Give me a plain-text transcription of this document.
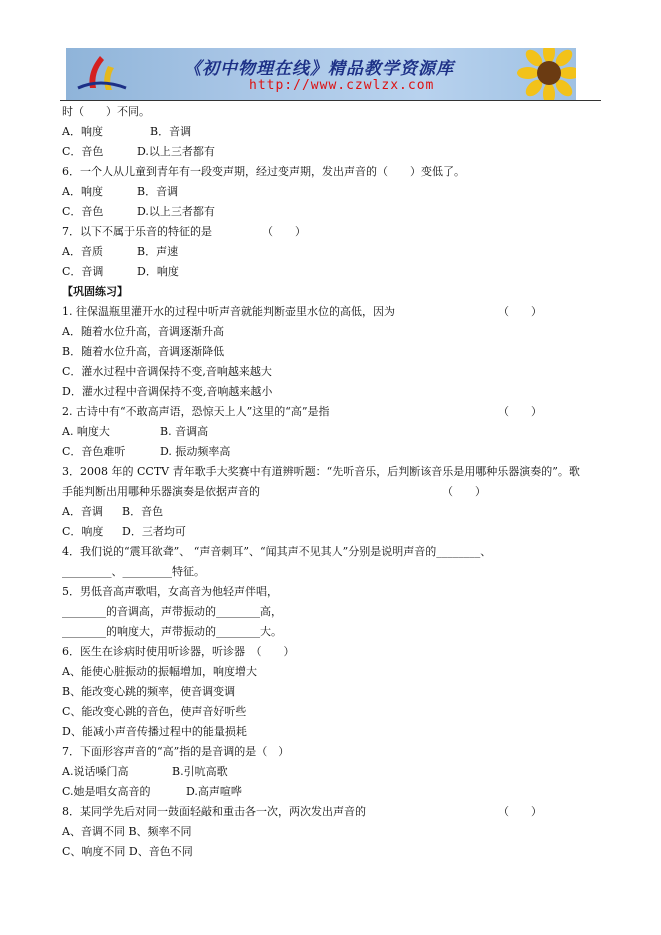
《初中物理在线》精品教学资源库
http://www.czwlzx.com
时（　　）不同。
A．响度	B．音调
C．音色	D.以上三者都有
6．一个人从儿童到青年有一段变声期，经过变声期，发出声音的（　　）变低了。
A．响度	B．音调
C．音色	D.以上三者都有
7．以下不属于乐音的特征的是	（　　）
A．音质	B．声速
C．音调	D．响度
【巩固练习】
1. 往保温瓶里灌开水的过程中听声音就能判断壶里水位的高低，因为	（　　）
A．随着水位升高，音调逐渐升高
B．随着水位升高，音调逐渐降低
C．灌水过程中音调保持不变,音响越来越大
D．灌水过程中音调保持不变,音响越来越小
2. 古诗中有“不敢高声语，恐惊天上人”这里的“高”是指	（　　）
A. 响度大	B. 音调高
C．音色难听	D. 振动频率高
3．2008 年的 CCTV 青年歌手大奖赛中有道辨听题：“先听音乐，后判断该音乐是用哪种乐器演奏的”。歌
手能判断出用哪种乐器演奏是依据声音的	（　　）
A．音调 B．音色
C．响度 D．三者均可
4．我们说的“震耳欲聋”、 “声音刺耳”、“闻其声不见其人”分别是说明声音的________、
_________、_________特征。
5．男低音高声歌唱，女高音为他轻声伴唱，
________的音调高，声带振动的________高，
________的响度大，声带振动的________大。
6．医生在诊病时使用听诊器，听诊器　（　　）
A、能使心脏振动的振幅增加，响度增大
B、能改变心跳的频率，使音调变调
C、能改变心跳的音色，使声音好听些
D、能减小声音传播过程中的能量损耗
7．下面形容声音的“高”指的是音调的是（　）
A.说话嗓门高	B.引吭高歌
C.她是唱女高音的	D.高声喧哗
8．某同学先后对同一鼓面轻敲和重击各一次，两次发出声音的	（　　）
A、音调不同 B、频率不同
C、响度不同 D、音色不同
